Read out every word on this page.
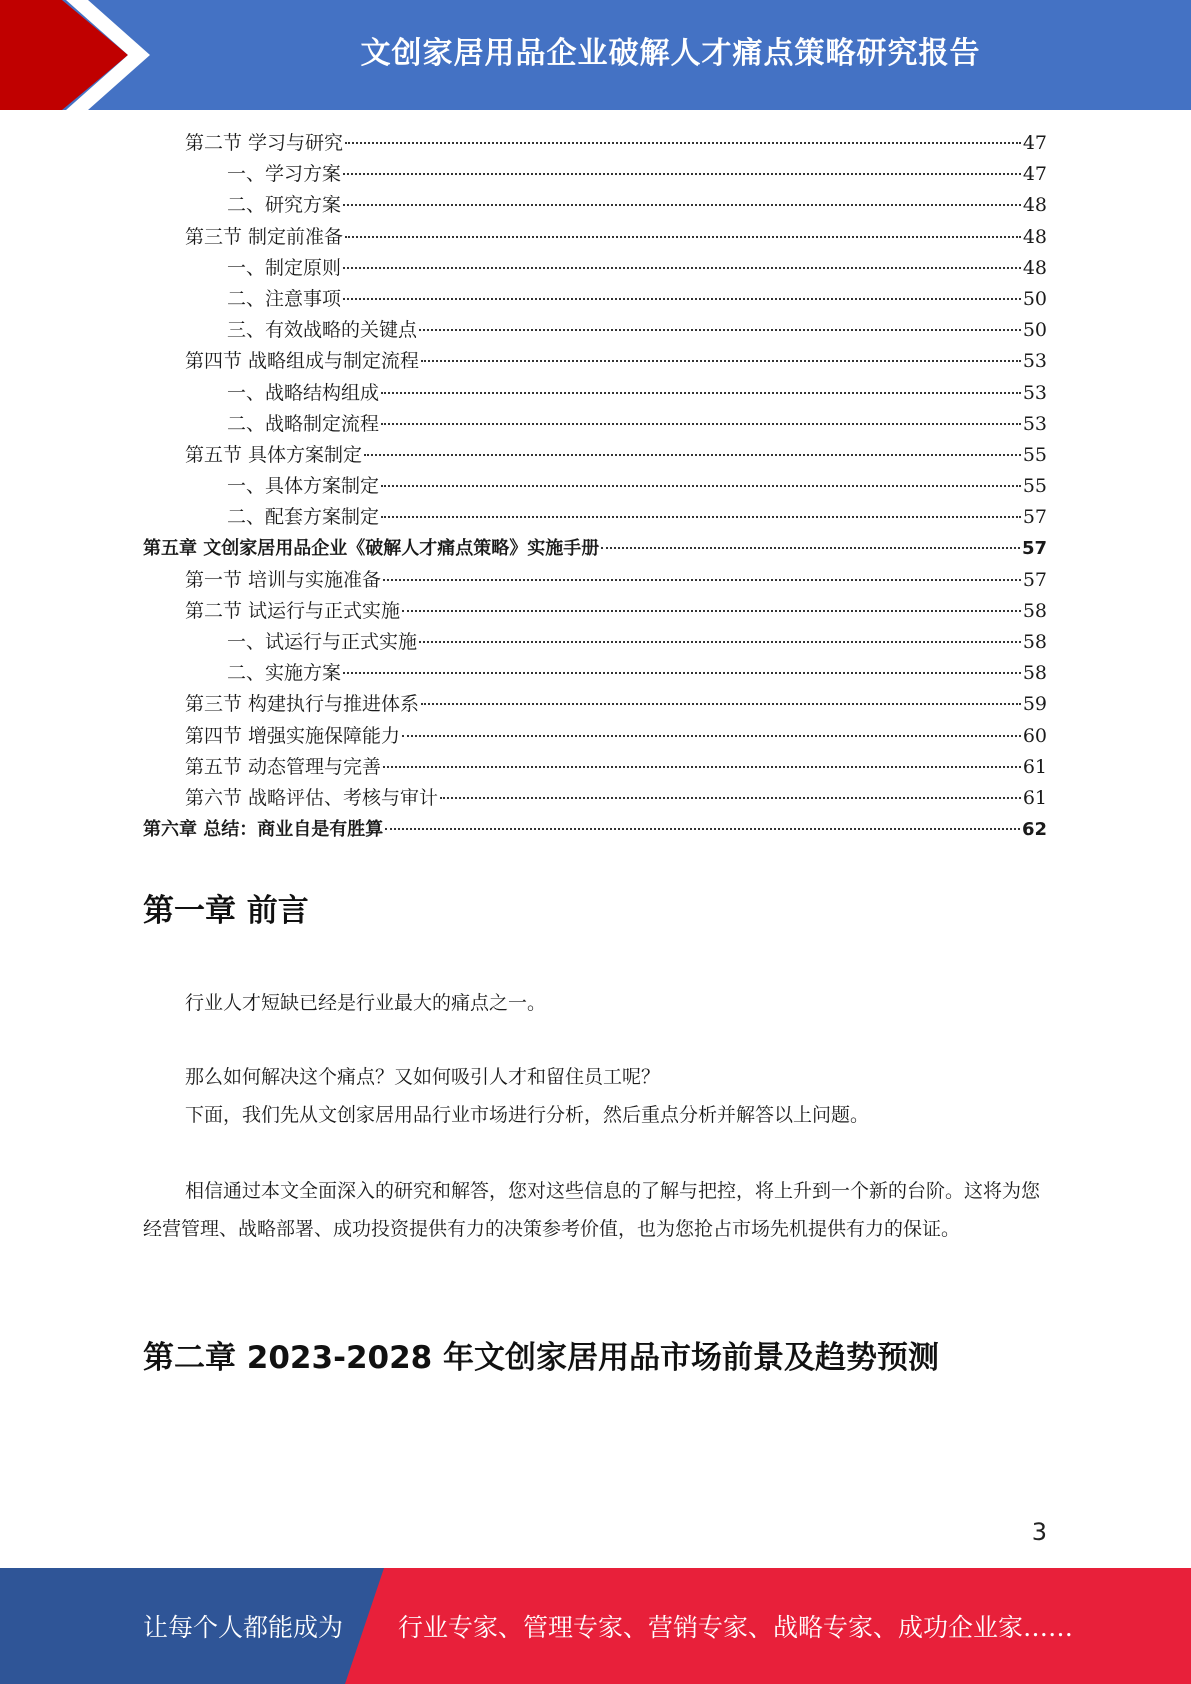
文创家居用品企业破解人才痛点策略研究报告
第二节 学习与研究	47
一、学习方案	47
二、研究方案	48
第三节 制定前准备	48
一、制定原则	48
二、注意事项	50
三、有效战略的关键点	50
第四节 战略组成与制定流程	53
一、战略结构组成	53
二、战略制定流程	53
第五节 具体方案制定	55
一、具体方案制定	55
二、配套方案制定	57
第五章 文创家居用品企业《破解人才痛点策略》实施手册	57
第一节 培训与实施准备	57
第二节 试运行与正式实施	58
一、试运行与正式实施	58
二、实施方案	58
第三节 构建执行与推进体系	59
第四节 增强实施保障能力	60
第五节 动态管理与完善	61
第六节 战略评估、考核与审计	61
第六章 总结：商业自是有胜算	62
第一章 前言

行业人才短缺已经是行业最大的痛点之一。

那么如何解决这个痛点？又如何吸引人才和留住员工呢？

下面，我们先从文创家居用品行业市场进行分析，然后重点分析并解答以上问题。

相信通过本文全面深入的研究和解答，您对这些信息的了解与把控，将上升到一个新的台阶。这将为您经营管理、战略部署、成功投资提供有力的决策参考价值，也为您抢占市场先机提供有力的保证。

第二章 2023-2028 年文创家居用品市场前景及趋势预测
3
让每个人都能成为 行业专家、管理专家、营销专家、战略专家、成功企业家……
